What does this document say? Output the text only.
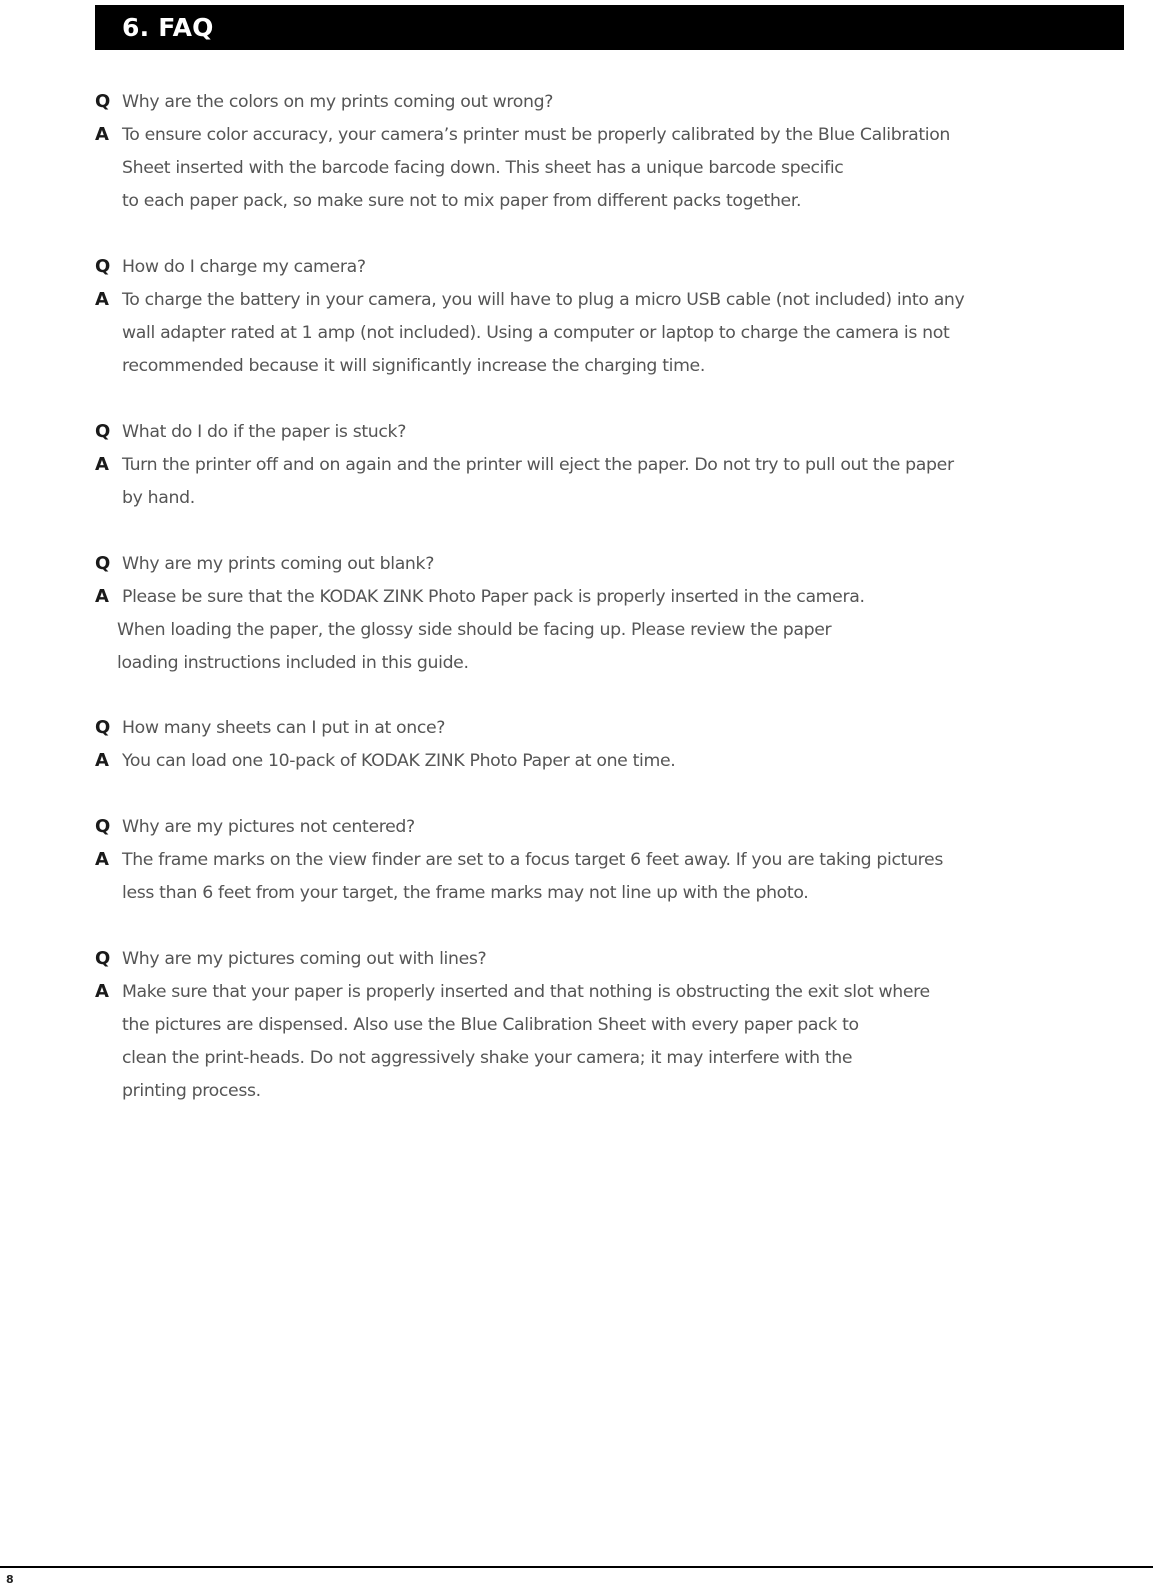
6. FAQ
Q Why are the colors on my prints coming out wrong?
A To ensure color accuracy, your camera’s printer must be properly calibrated by the Blue Calibration
Sheet inserted with the barcode facing down. This sheet has a unique barcode specific
to each paper pack, so make sure not to mix paper from different packs together.
Q How do I charge my camera?
A To charge the battery in your camera, you will have to plug a micro USB cable (not included) into any
wall adapter rated at 1 amp (not included). Using a computer or laptop to charge the camera is not
recommended because it will significantly increase the charging time.
Q What do I do if the paper is stuck?
A Turn the printer off and on again and the printer will eject the paper. Do not try to pull out the paper
by hand.
Q Why are my prints coming out blank?
A Please be sure that the KODAK ZINK Photo Paper pack is properly inserted in the camera.
When loading the paper, the glossy side should be facing up. Please review the paper
loading instructions included in this guide.
Q How many sheets can I put in at once?
A You can load one 10-pack of KODAK ZINK Photo Paper at one time.
Q Why are my pictures not centered?
A The frame marks on the view finder are set to a focus target 6 feet away. If you are taking pictures
less than 6 feet from your target, the frame marks may not line up with the photo.
Q Why are my pictures coming out with lines?
A Make sure that your paper is properly inserted and that nothing is obstructing the exit slot where
the pictures are dispensed. Also use the Blue Calibration Sheet with every paper pack to
clean the print-heads. Do not aggressively shake your camera; it may interfere with the
printing process.
8
